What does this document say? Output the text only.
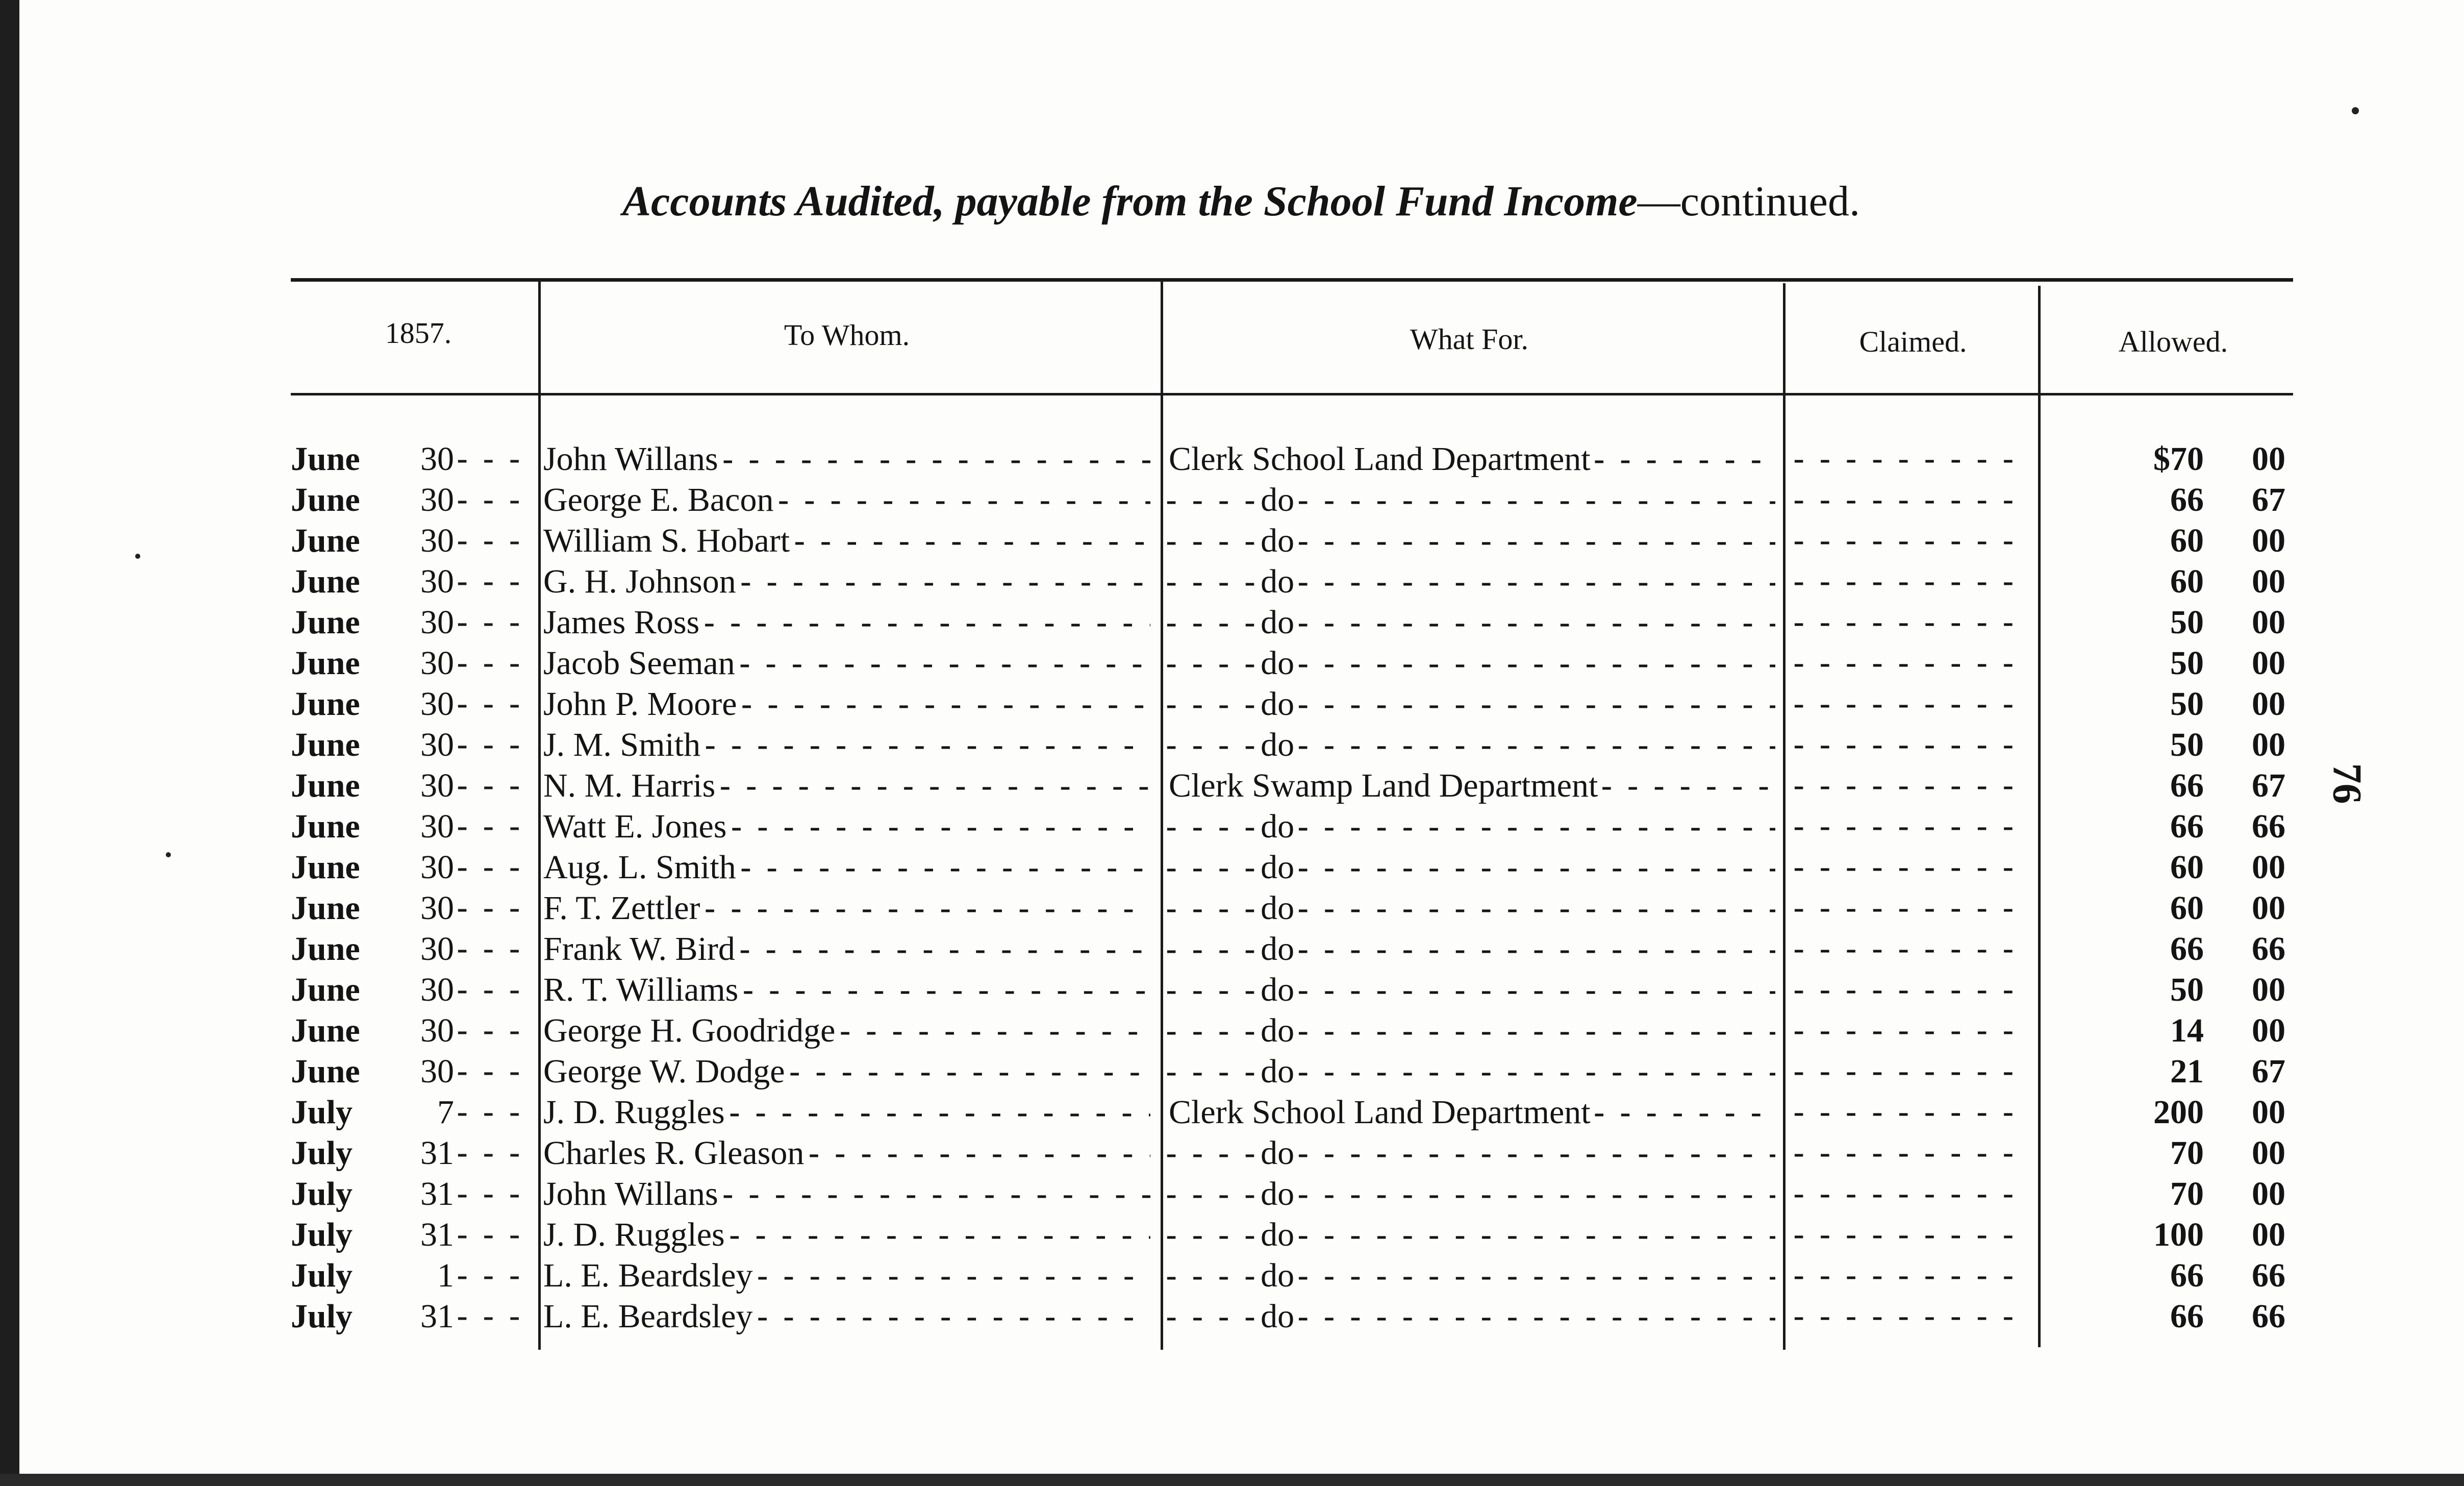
Accounts Audited, payable from the School Fund Income—continued.
1857.	To Whom.	What For.	Claimed.	Allowed.
June	30 - - -	John Willans - - -	Clerk School Land Department - - - - - -	$70	00
June	30 - - -	George E. Bacon - - -	- - - - do - - - - - -	66	67
June	30 - - -	William S. Hobart - - -	- - - - do - - - - - -	60	00
June	30 - - -	G. H. Johnson - - -	- - - - do - - - - - -	60	00
June	30 - - -	James Ross - - -	- - - - do - - - - - -	50	00
June	30 - - -	Jacob Seeman - - -	- - - - do - - - - - -	50	00
June	30 - - -	John P. Moore - - -	- - - - do - - - - - -	50	00
June	30 - - -	J. M. Smith - - -	- - - - do - - - - - -	50	00
June	30 - - -	N. M. Harris - - -	Clerk Swamp Land Department - - - - - -	66	67
June	30 - - -	Watt E. Jones - - -	- - - - do - - - - - -	66	66
June	30 - - -	Aug. L. Smith - - -	- - - - do - - - - - -	60	00
June	30 - - -	F. T. Zettler - - -	- - - - do - - - - - -	60	00
June	30 - - -	Frank W. Bird - - -	- - - - do - - - - - -	66	66
June	30 - - -	R. T. Williams - - -	- - - - do - - - - - -	50	00
June	30 - - -	George H. Goodridge - - -	- - - - do - - - - - -	14	00
June	30 - - -	George W. Dodge - - -	- - - - do - - - - - -	21	67
July	7 - - -	J. D. Ruggles - - -	Clerk School Land Department - - - - - -	200	00
July	31 - - -	Charles R. Gleason - - -	- - - - do - - - - - -	70	00
July	31 - - -	John Willans - - -	- - - - do - - - - - -	70	00
July	31 - - -	J. D. Ruggles - - -	- - - - do - - - - - -	100	00
July	1 - - -	L. E. Beardsley - - -	- - - - do - - - - - -	66	66
July	31 - - -	L. E. Beardsley - - -	- - - - do - - - - - -	66	66
76
